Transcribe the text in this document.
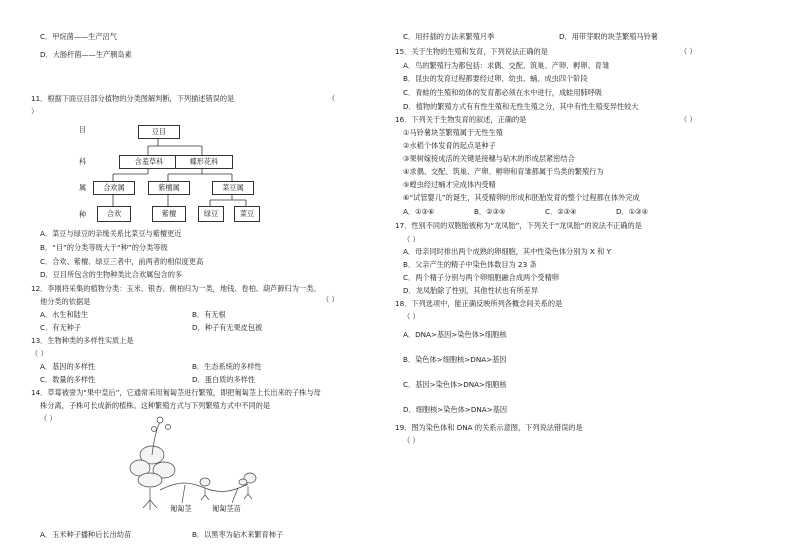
C．甲烷菌——生产沼气
D．大肠杆菌——生产胰岛素
11．根据下面豆目部分植物的分类图解判断，下列描述错误的是	（
）
目
科
属
种
豆目
含羞草科	蝶形花科
合欢属	紫檀属	菜豆属
合欢	紫檀	绿豆	菜豆
A．菜豆与绿豆的亲缘关系比菜豆与紫檀更近
B．“目”的分类等级大于“种”的分类等级
C．合欢、紫檀、绿豆三者中，前两者的相似度更高
D．豆目所包含的生物种类比合欢属包含的多
12．李刚将采集的植物分类：玉米、银杏、侧柏归为一类，地钱、卷柏、葫芦藓归为一类。
他分类的依据是	（ ）
A．水生和陆生	B．有无根
C．有无种子	D．种子有无果皮包被
13．生物种类的多样性实质上是
（ ）
A．基因的多样性	B．生态系统的多样性
C．数量的多样性	D．蛋白质的多样性
14．草莓被誉为“果中皇后”，它通常采用匍匐茎进行繁殖，即把匍匐茎上长出来的子株与母
株分离，子株可长成新的植株。这种繁殖方式与下列繁殖方式中不同的是
（ ）
匍匐茎	匍匐茎苗
A．玉米种子播种后长出幼苗	B．以黑枣为砧木来繁育柿子
C．用扦插的方法来繁殖月季	D．用带芽眼的块茎繁殖马铃薯
15．关于生物的生殖和发育，下列说法正确的是	（ ）
A．鸟的繁殖行为都包括：求偶、交配、筑巢、产卵、孵卵、育雏
B．昆虫的发育过程都要经过卵、幼虫、蛹、成虫四个阶段
C．青蛙的生殖和幼体的发育都必须在水中进行，成蛙用肺呼吸
D．植物的繁殖方式有有性生殖和无性生殖之分，其中有性生殖变异性较大
16．下列关于生物发育的叙述，正确的是	（ ）
①马铃薯块茎繁殖属于无性生殖
②水稻个体发育的起点是种子
③果树嫁接成活的关键是接穗与砧木的形成层紧密结合
④求偶、交配、筑巢、产卵、孵卵和育雏都属于鸟类的繁殖行为
⑤蝗虫经过蛹才完成体内受精
⑥“试管婴儿”的诞生，其受精卵的形成和胚胎发育的整个过程都在体外完成
A．①③⑥	B．②③⑤	C．②③④	D．①③④
17．性别不同的双胞胎被称为“龙凤胎”，下列关于“龙凤胎”的说法不正确的是
（ ）
A．母亲同时排出两个成熟的卵细胞，其中性染色体分别为 X 和 Y
B．父亲产生的精子中染色体数目为 23 条
C．两个精子分别与两个卵细胞融合成两个受精卵
D．龙凤胎除了性别，其他性状也有所差异
18．下列选项中，能正确反映所列各概念间关系的是
（ ）
A．DNA>基因>染色体>细胞核
B．染色体>细胞核>DNA>基因
C．基因>染色体>DNA>细胞核
D．细胞核>染色体>DNA>基因
19．图为染色体和 DNA 的关系示意图，下列说法错误的是
（ ）
